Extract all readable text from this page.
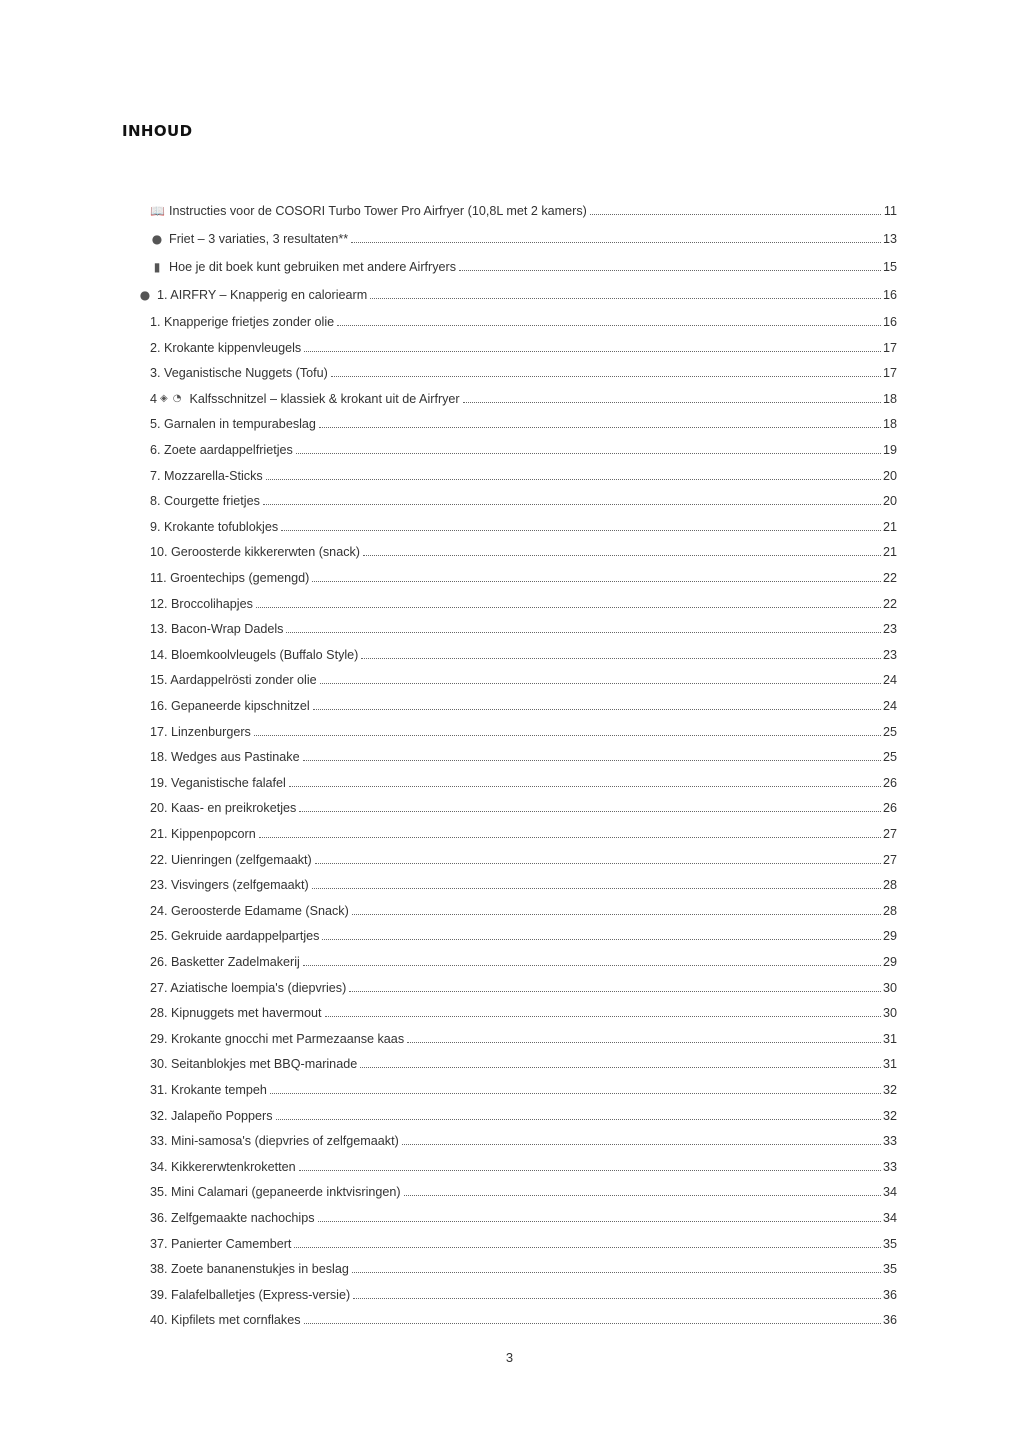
INHOUD
📖 Instructies voor de COSORI Turbo Tower Pro Airfryer (10,8L met 2 kamers)	11
● Friet – 3 variaties, 3 resultaten**	13
▮ Hoe je dit boek kunt gebruiken met andere Airfryers	15
● 1. AIRFRY – Knapperig en caloriearm	16
1. Knapperige frietjes zonder olie	16
2. Krokante kippenvleugels	17
3. Veganistische Nuggets (Tofu)	17
4 ◈ ◔ Kalfsschnitzel – klassiek & krokant uit de Airfryer	18
5. Garnalen in tempurabeslag	18
6. Zoete aardappelfrietjes	19
7. Mozzarella-Sticks	20
8. Courgette frietjes	20
9. Krokante tofublokjes	21
10. Geroosterde kikkererwten (snack)	21
11. Groentechips (gemengd)	22
12. Broccolihapjes	22
13. Bacon-Wrap Dadels	23
14. Bloemkoolvleugels (Buffalo Style)	23
15. Aardappelrösti zonder olie	24
16. Gepaneerde kipschnitzel	24
17. Linzenburgers	25
18. Wedges aus Pastinake	25
19. Veganistische falafel	26
20. Kaas- en preikroketjes	26
21. Kippenpopcorn	27
22. Uienringen (zelfgemaakt)	27
23. Visvingers (zelfgemaakt)	28
24. Geroosterde Edamame (Snack)	28
25. Gekruide aardappelpartjes	29
26. Basketter Zadelmakerij	29
27. Aziatische loempia's (diepvries)	30
28. Kipnuggets met havermout	30
29. Krokante gnocchi met Parmezaanse kaas	31
30. Seitanblokjes met BBQ-marinade	31
31. Krokante tempeh	32
32. Jalapeño Poppers	32
33. Mini-samosa's (diepvries of zelfgemaakt)	33
34. Kikkererwtenkroketten	33
35. Mini Calamari (gepaneerde inktvisringen)	34
36. Zelfgemaakte nachochips	34
37. Panierter Camembert	35
38. Zoete bananenstukjes in beslag	35
39. Falafelballetjes (Express-versie)	36
40. Kipfilets met cornflakes	36
3
